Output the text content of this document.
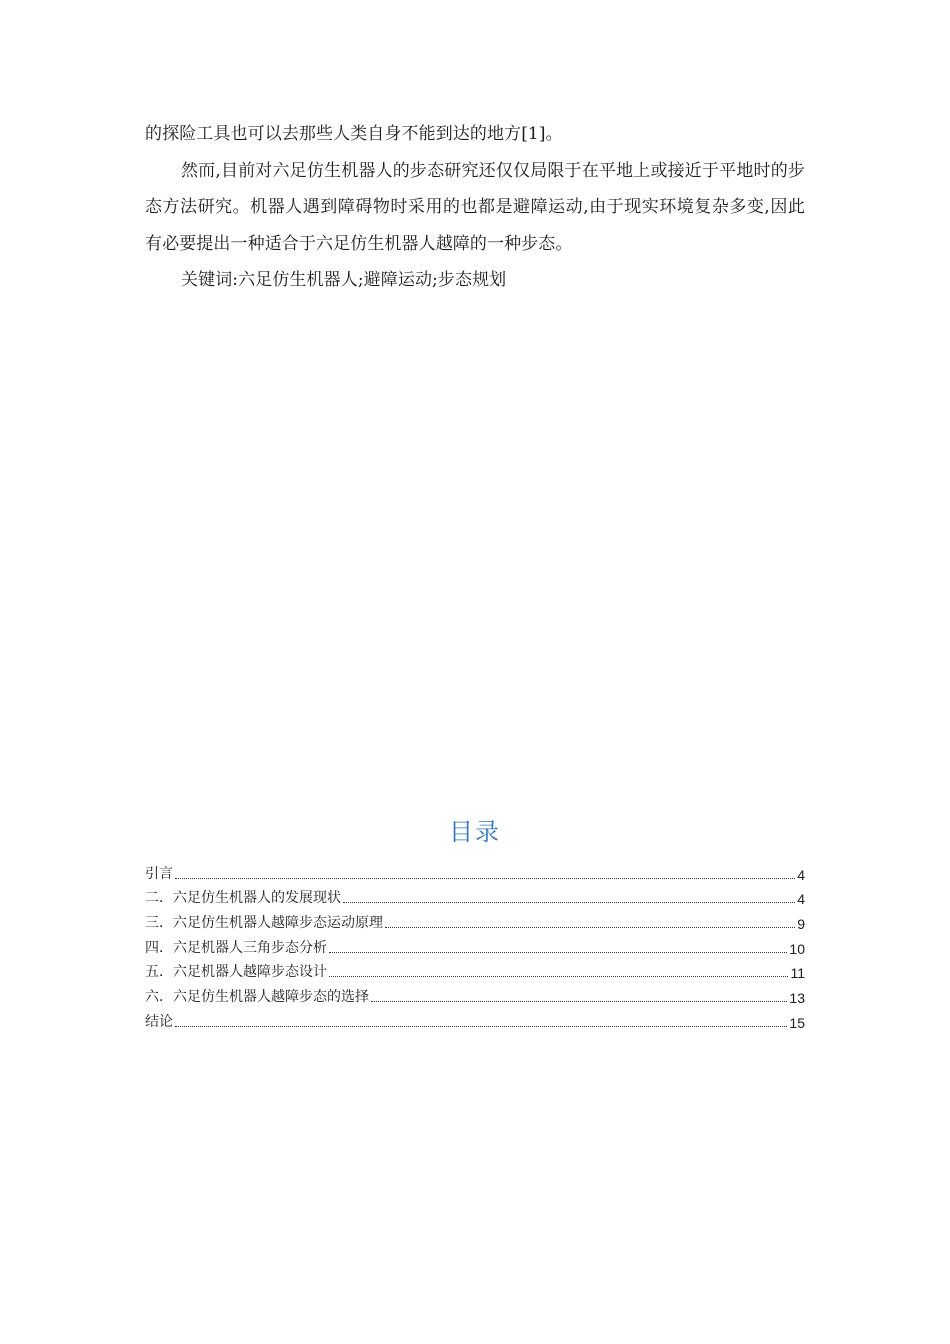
的探险工具也可以去那些人类自身不能到达的地方[1]。

然而,目前对六足仿生机器人的步态研究还仅仅局限于在平地上或接近于平地时的步态方法研究。机器人遇到障碍物时采用的也都是避障运动,由于现实环境复杂多变,因此有必要提出一种适合于六足仿生机器人越障的一种步态。

关键词:六足仿生机器人;避障运动;步态规划

目录
引言	4
二．六足仿生机器人的发展现状	4
三．六足仿生机器人越障步态运动原理	9
四．六足机器人三角步态分析	10
五．六足机器人越障步态设计	11
六．六足仿生机器人越障步态的选择	13
结论	15
